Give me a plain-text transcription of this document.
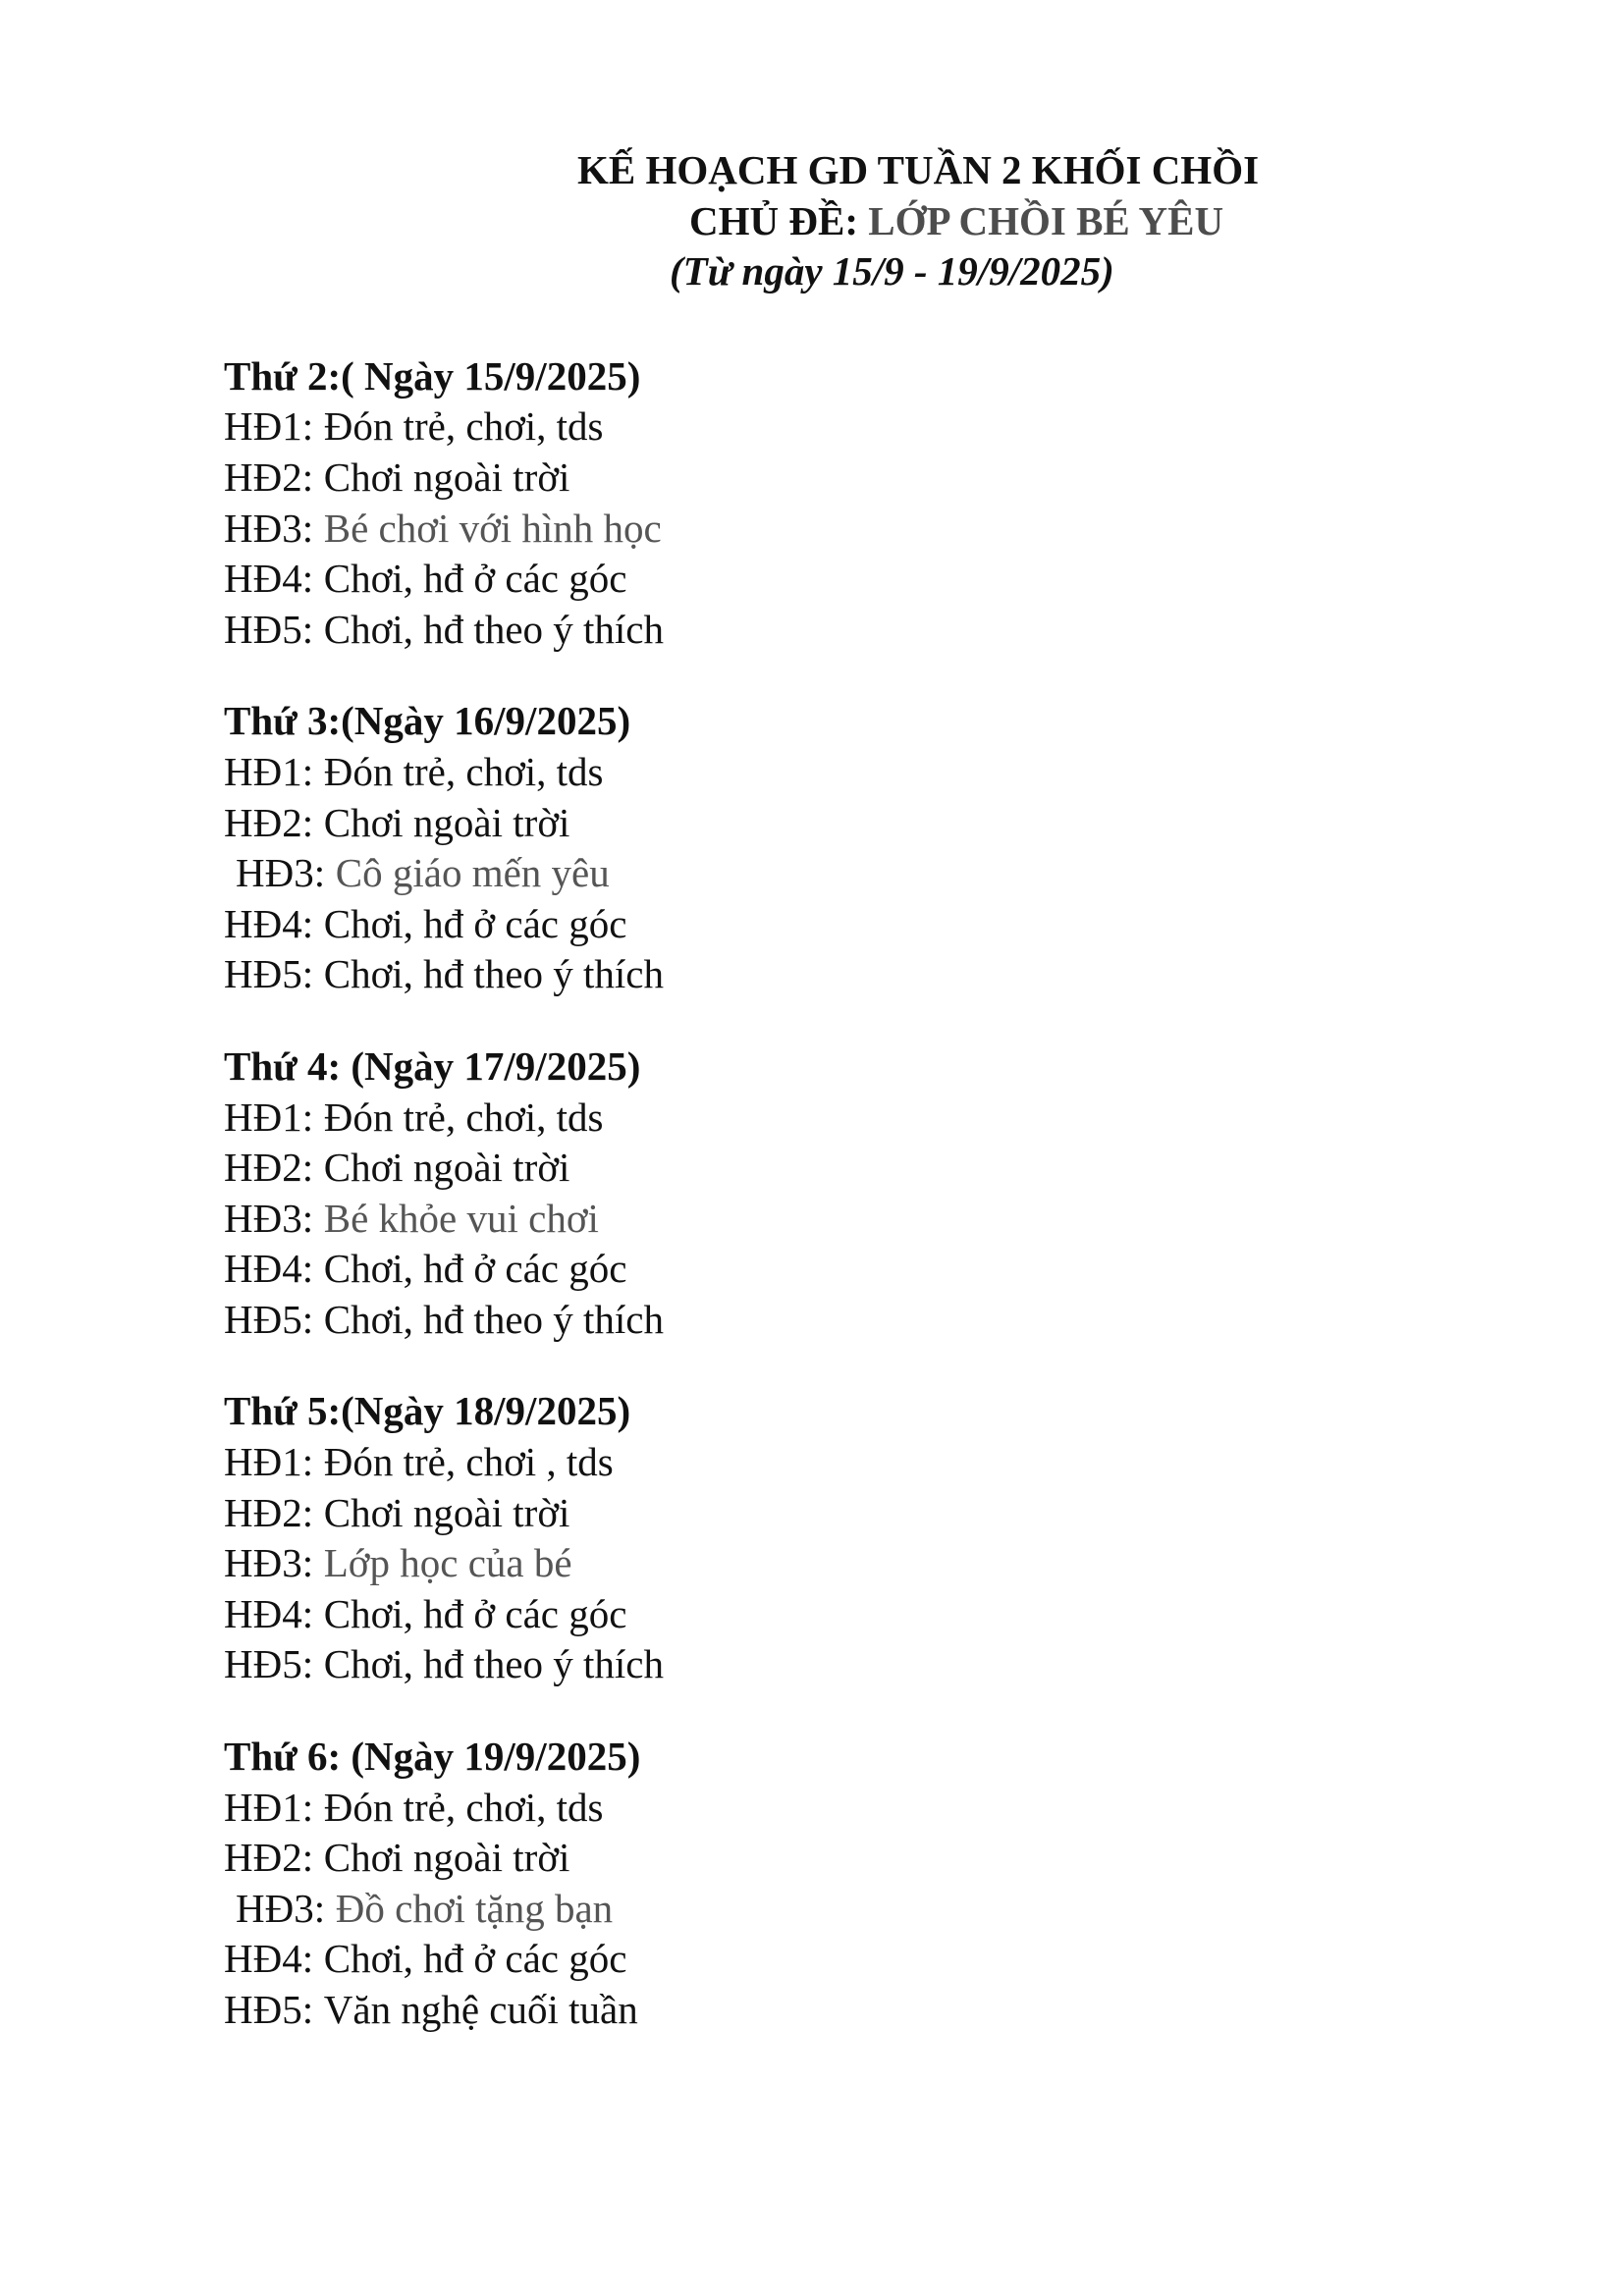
KẾ HOẠCH GD TUẦN 2 KHỐI CHỒI

CHỦ ĐỀ: LỚP CHỒI BÉ YÊU

(Từ ngày 15/9 - 19/9/2025)

Thứ 2:( Ngày 15/9/2025)

HĐ1: Đón trẻ, chơi, tds

HĐ2: Chơi ngoài trời

HĐ3: Bé chơi với hình học

HĐ4: Chơi, hđ ở các góc

HĐ5: Chơi, hđ theo ý thích

Thứ 3:(Ngày 16/9/2025)

HĐ1: Đón trẻ, chơi, tds

HĐ2: Chơi ngoài trời

HĐ3: Cô giáo mến yêu

HĐ4: Chơi, hđ ở các góc

HĐ5: Chơi, hđ theo ý thích

Thứ 4: (Ngày 17/9/2025)

HĐ1: Đón trẻ, chơi, tds

HĐ2: Chơi ngoài trời

HĐ3: Bé khỏe vui chơi

HĐ4: Chơi, hđ ở các góc

HĐ5: Chơi, hđ theo ý thích

Thứ 5:(Ngày 18/9/2025)

HĐ1: Đón trẻ, chơi , tds

HĐ2: Chơi ngoài trời

HĐ3: Lớp học của bé

HĐ4: Chơi, hđ ở các góc

HĐ5: Chơi, hđ theo ý thích

Thứ 6: (Ngày 19/9/2025)

HĐ1: Đón trẻ, chơi, tds

HĐ2: Chơi ngoài trời

HĐ3: Đồ chơi tặng bạn

HĐ4: Chơi, hđ ở các góc

HĐ5: Văn nghệ cuối tuần
